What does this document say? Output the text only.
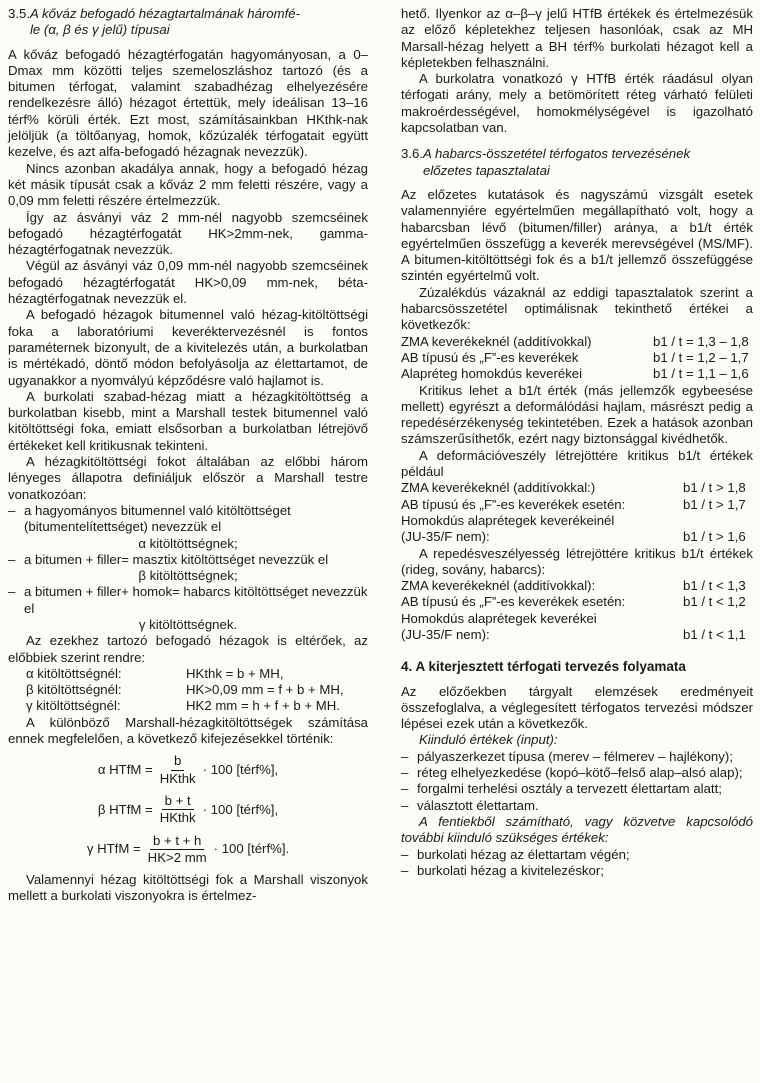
3.5.A kőváz befogadó hézagtartalmának háromfé-
le (α, β és γ jelű) típusai

A kőváz befogadó hézagtérfogatán hagyományosan, a 0–Dmax mm közötti teljes szemeloszláshoz tartozó (és a bitumen térfogat, valamint szabadhézag elhelyezésére rendelkezésre álló) hézagot értettük, mely ideálisan 13–16 térf% körüli érték. Ezt most, számításainkban HKthk-nak jelöljük (a töltőanyag, homok, kőzúzalék térfogatait együtt kezelve, és azt alfa-befogadó hézagnak nevezzük).

Nincs azonban akadálya annak, hogy a befogadó hézag két másik típusát csak a kőváz 2 mm feletti részére, vagy a 0,09 mm feletti részére értelmezzük.

Így az ásványi váz 2 mm-nél nagyobb szemcséinek befogadó hézagtérfogatát HK>2mm-nek, gamma-hézagtérfogatnak nevezzük.

Végül az ásványi váz 0,09 mm-nél nagyobb szemcséinek befogadó hézagtérfogatát HK>0,09 mm-nek, béta-hézagtérfogatnak nevezzük el.

A befogadó hézagok bitumennel való hézag-kitöltöttségi foka a laboratóriumi keveréktervezésnél is fontos paraméternek bizonyult, de a kivitelezés után, a burkolatban is mértékadó, döntő módon befolyásolja az élettartamot, de ugyanakkor a nyomvályú képződésre való hajlamot is.

A burkolati szabad-hézag miatt a hézagkitöltöttség a burkolatban kisebb, mint a Marshall testek bitumennel való kitöltöttségi foka, emiatt elsősorban a burkolatban létrejövő értékeket kell kritikusnak tekinteni.

A hézagkitöltöttségi fokot általában az előbbi három lényeges állapotra definiáljuk először a Marshall testre vonatkozóan:

– a hagyományos bitumennel való kitöltöttséget (bitumentelítettséget) nevezzük el
α kitöltöttségnek;
– a bitumen + filler= masztix kitöltöttséget nevezzük el
β kitöltöttségnek;
– a bitumen + filler+ homok= habarcs kitöltöttséget nevezzük el
γ kitöltöttségnek.

Az ezekhez tartozó befogadó hézagok is eltérőek, az előbbiek szerint rendre:

α kitöltöttségnél:	HKthk = b + MH,
β kitöltöttségnél:	HK>0,09 mm = f + b + MH,
γ kitöltöttségnél:	HK2 mm = h + f + b + MH.

A különböző Marshall-hézagkitöltöttségek számítása ennek megfelelően, a következő kifejezésekkel történik:

α HTfM = $\frac{b}{\text{HKthk}} \cdot 100$ [térf%],
β HTfM = $\frac{b + t}{\text{HKthk}} \cdot 100$ [térf%],
γ HTfM = $\frac{b + t + h}{HK>2 mm} \cdot 100$ [térf%].

Valamennyi hézag kitöltöttségi fok a Marshall viszonyok mellett a burkolati viszonyokra is értelmez-

hető. Ilyenkor az α–β–γ jelű HTfB értékek és értelmezésük az előző képletekhez teljesen hasonlóak, csak az MH Marsall-hézag helyett a BH térf% burkolati hézagot kell a képletekben felhasználni.

A burkolatra vonatkozó γ HTfB érték ráadásul olyan térfogati arány, mely a betömörített réteg várható felületi makroérdességével, homokmélységével is igazolható kapcsolatban van.

3.6.A habarcs-összetétel térfogatos tervezésének
előzetes tapasztalatai

Az előzetes kutatások és nagyszámú vizsgált esetek valamennyiére egyértelműen megállapítható volt, hogy a habarcsban lévő (bitumen/filler) aránya, a b1/t érték egyértelműen összefügg a keverék merevségével (MS/MF). A bitumen-kitöltöttségi fok és a b1/t jellemző összefüggése szintén egyértelmű volt.

Zúzalékdús vázaknál az eddigi tapasztalatok szerint a habarcsösszetétel optimálisnak tekinthető értékei a következők:

ZMA keverékeknél (additívokkal)	b1 / t = 1,3 – 1,8
AB típusú és „F”-es keverékek	b1 / t = 1,2 – 1,7
Alapréteg homokdús keverékei	b1 / t = 1,1 – 1,6

Kritikus lehet a b1/t érték (más jellemzők egybeesése mellett) egyrészt a deformálódási hajlam, másrészt pedig a repedésérzékenység tekintetében. Ezek a hatások azonban számszerűsíthetők, ezért nagy biztonsággal kivédhetők.

A deformációveszély létrejöttére kritikus b1/t értékek például

ZMA keverékeknél (additívokkal:)	b1 / t > 1,8
AB típusú és „F”-es keverékek esetén:	b1 / t > 1,7
Homokdús alaprétegek keverékeinél
(JU-35/F nem):	b1 / t > 1,6

A repedésveszélyesség létrejöttére kritikus b1/t értékek (rideg, sovány, habarcs):

ZMA keverékeknél (additívokkal):	b1 / t < 1,3
AB típusú és „F”-es keverékek esetén:	b1 / t < 1,2
Homokdús alaprétegek keverékei
(JU-35/F nem):	b1 / t < 1,1
4. A kiterjesztett térfogati tervezés folyamata

Az előzőekben tárgyalt elemzések eredményeit összefoglalva, a véglegesített térfogatos tervezési módszer lépései ezek után a következők.

Kiinduló értékek (input):

– pályaszerkezet típusa (merev – félmerev – hajlékony);
– réteg elhelyezkedése (kopó–kötő–felső alap–alsó alap);
– forgalmi terhelési osztály a tervezett élettartam alatt;
– választott élettartam.

A fentiekből számítható, vagy közvetve kapcsolódó további kiinduló szükséges értékek:

– burkolati hézag az élettartam végén;
– burkolati hézag a kivitelezéskor;
